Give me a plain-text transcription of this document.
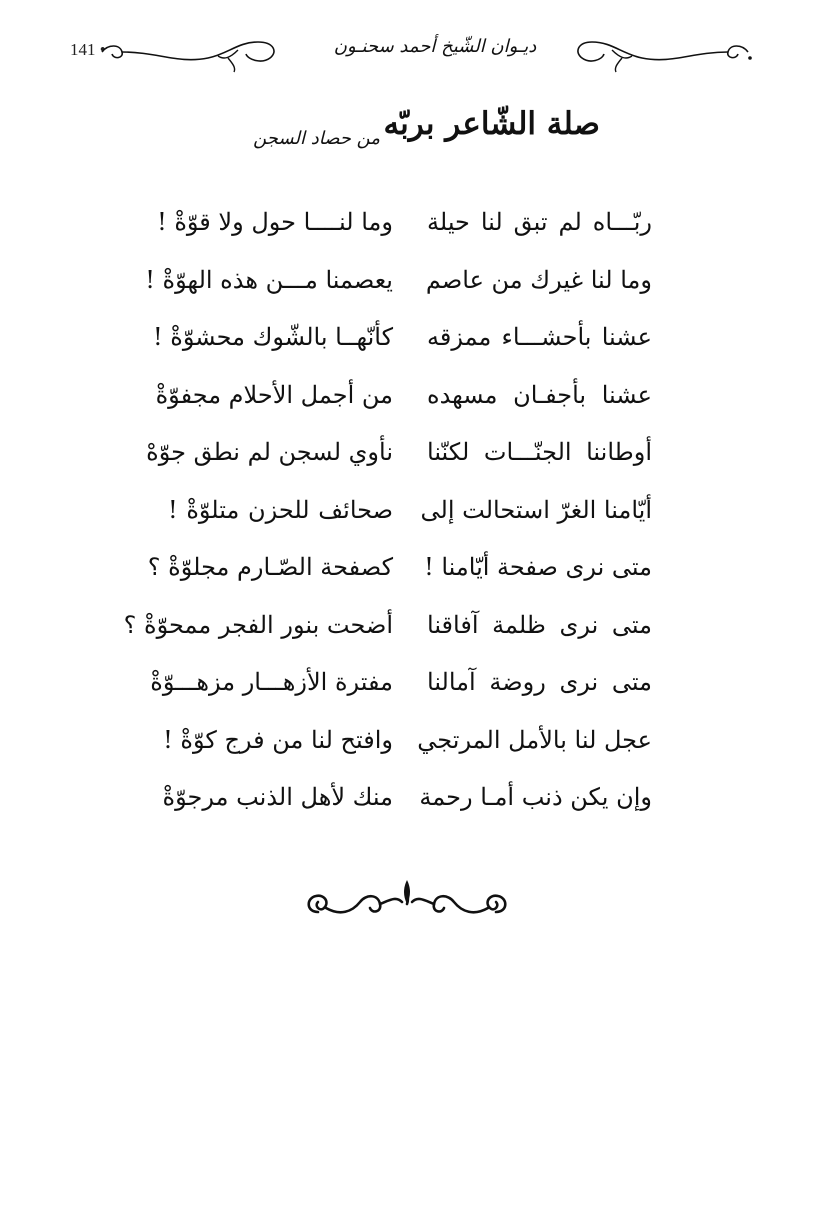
141 •	ديـوان الشّيخ أحمد سحنـون
صلة الشّاعر بربّه
من حصاد السجن
ربّـــاه لم تبق لنا حيلة
وما لنــــا حول ولا قوّةْ !
وما لنا غيرك من عاصم
يعصمنا مـــن هذه الهوّةْ !
عشنا بأحشـــاء ممزقه
كأنّهــا بالشّوك محشوّةْ !
عشنا بأجفـان مسهده
من أجمل الأحلام مجفوّةْ
أوطاننا الجنّـــات لكنّنا
نأوي لسجن لم نطق جوّهْ
أيّامنا الغرّ استحالت إلى
صحائف للحزن متلوّةْ !
متى نرى صفحة أيّامنا !
كصفحة الصّـارم مجلوّةْ ؟
متى نرى ظلمة آفاقنا
أضحت بنور الفجر ممحوّةْ ؟
متى نرى روضة آمالنا
مفترة الأزهـــار مزهـــوّةْ
عجل لنا بالأمل المرتجي
وافتح لنا من فرج كوّةْ !
وإن يكن ذنب أمـا رحمة
منك لأهل الذنب مرجوّةْ
